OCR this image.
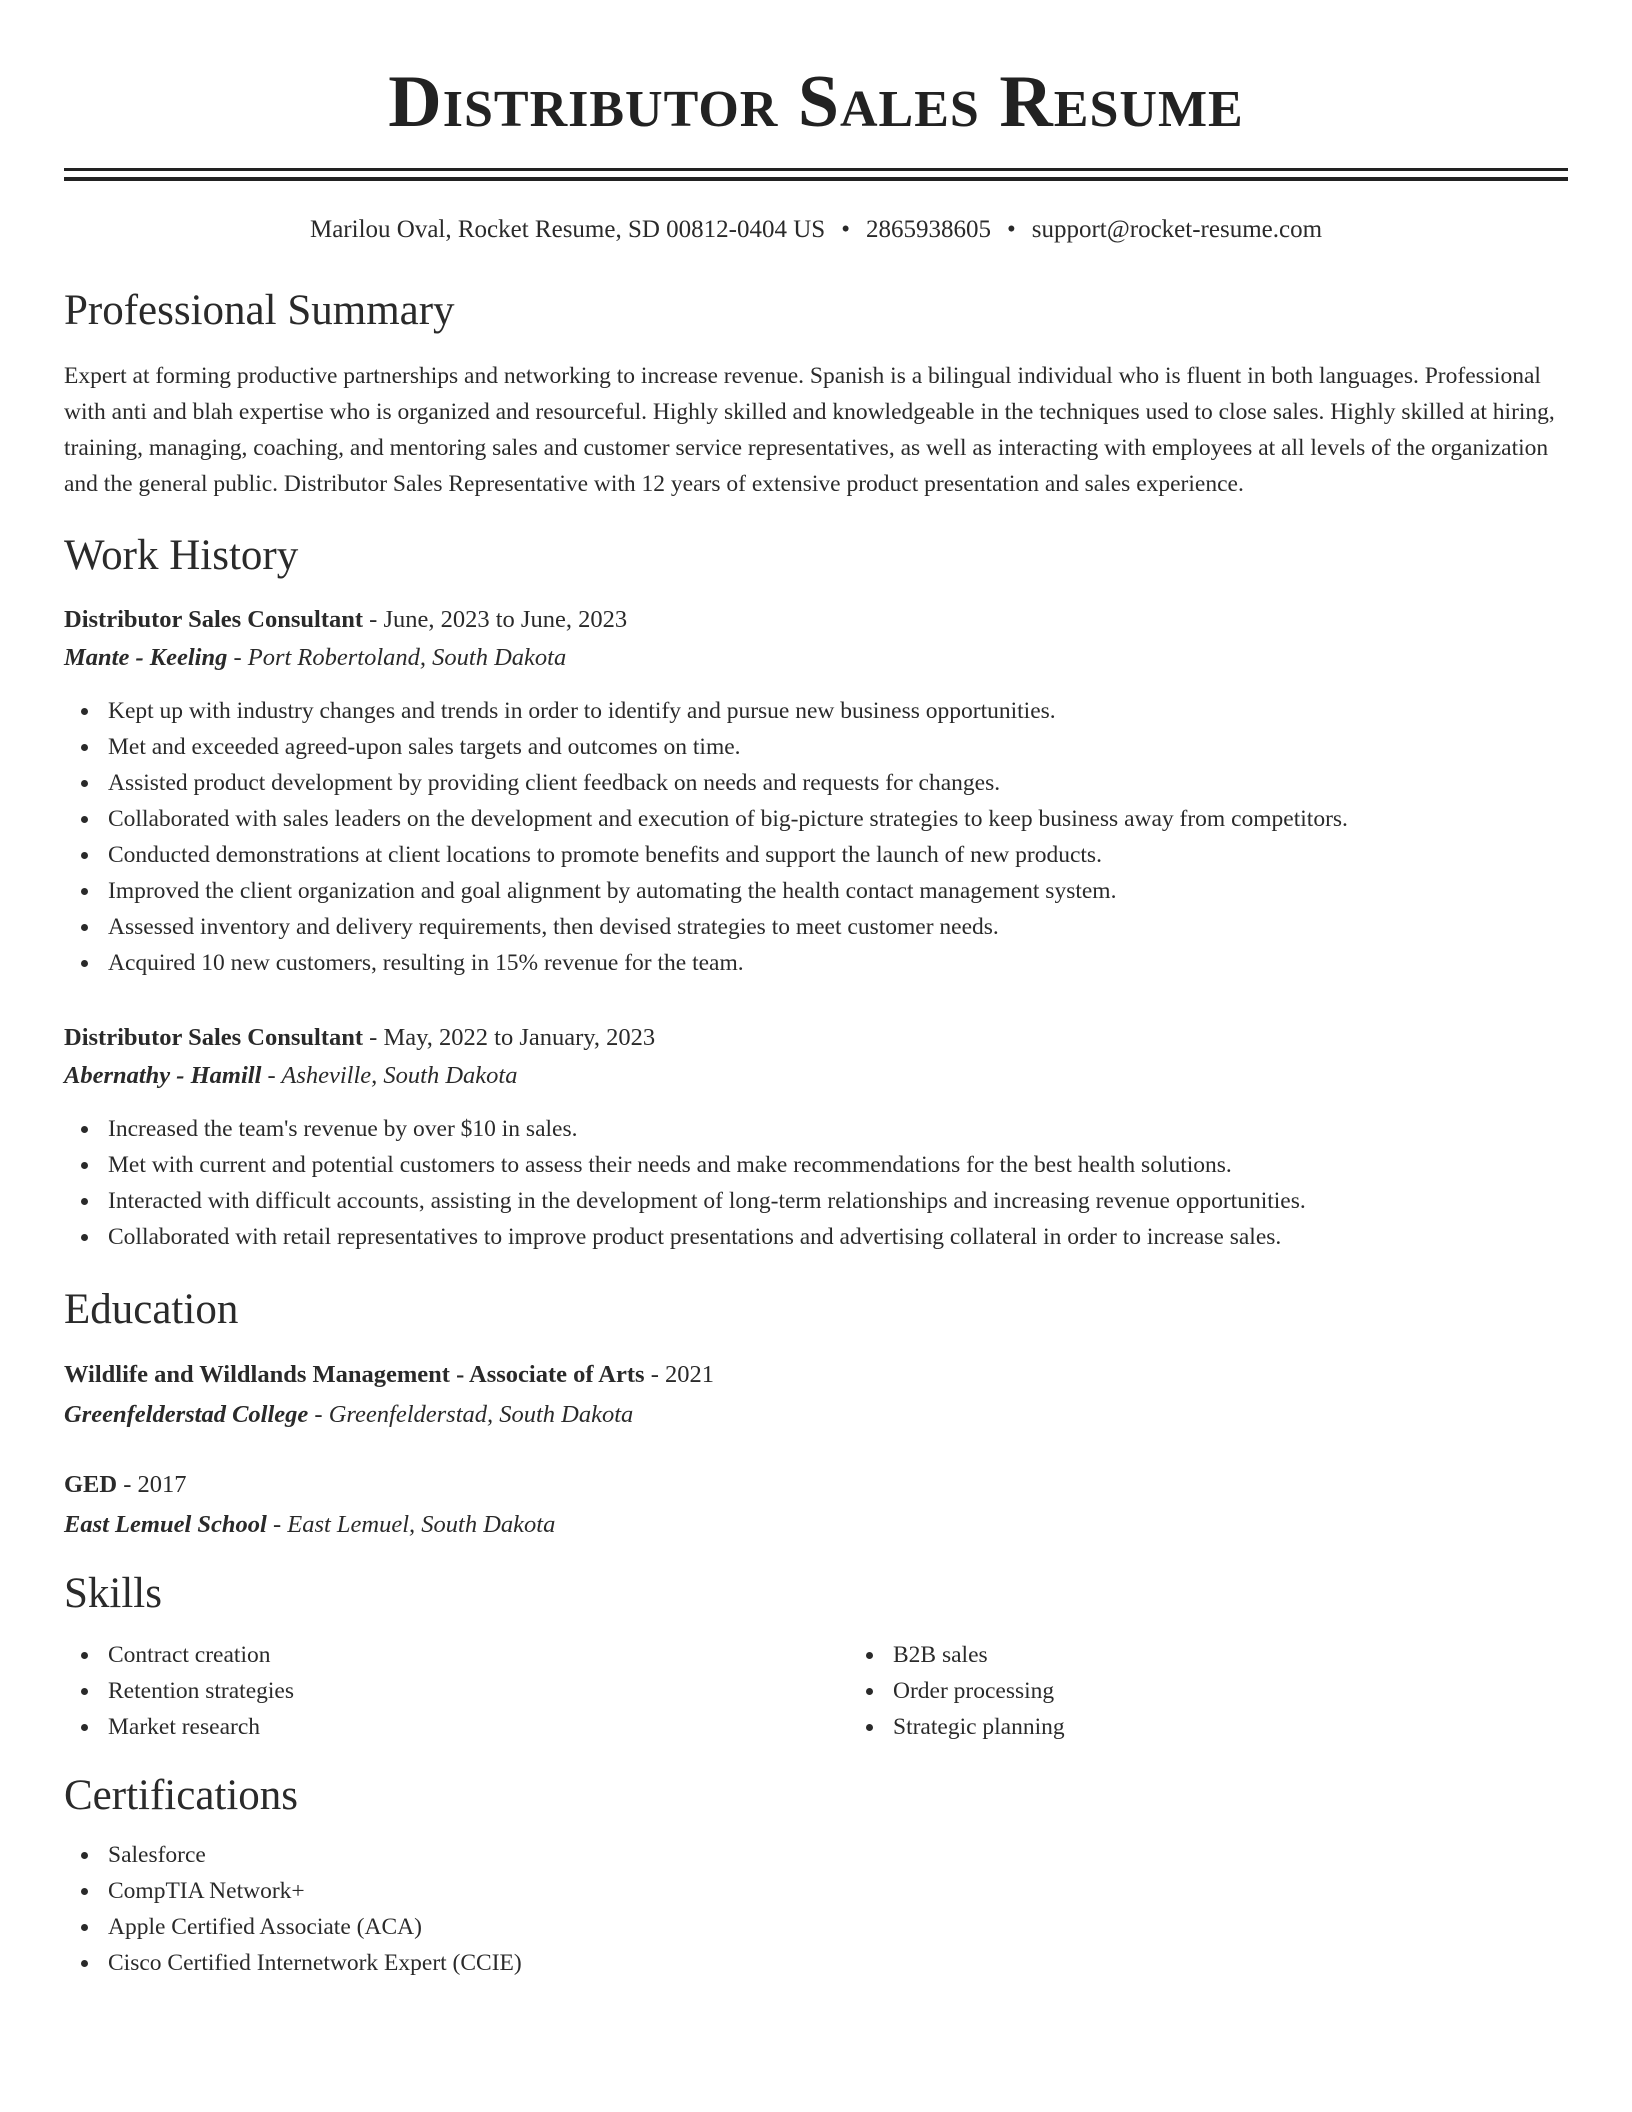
Distributor Sales Resume
Marilou Oval, Rocket Resume, SD 00812-0404 US • 2865938605 • support@rocket-resume.com
Professional Summary

Expert at forming productive partnerships and networking to increase revenue. Spanish is a bilingual individual who is fluent in both languages. Professional with anti and blah expertise who is organized and resourceful. Highly skilled and knowledgeable in the techniques used to close sales. Highly skilled at hiring, training, managing, coaching, and mentoring sales and customer service representatives, as well as interacting with employees at all levels of the organization and the general public. Distributor Sales Representative with 12 years of extensive product presentation and sales experience.

Work History
Distributor Sales Consultant - June, 2023 to June, 2023
Mante - Keeling - Port Robertoland, South Dakota
Kept up with industry changes and trends in order to identify and pursue new business opportunities.
Met and exceeded agreed-upon sales targets and outcomes on time.
Assisted product development by providing client feedback on needs and requests for changes.
Collaborated with sales leaders on the development and execution of big-picture strategies to keep business away from competitors.
Conducted demonstrations at client locations to promote benefits and support the launch of new products.
Improved the client organization and goal alignment by automating the health contact management system.
Assessed inventory and delivery requirements, then devised strategies to meet customer needs.
Acquired 10 new customers, resulting in 15% revenue for the team.
Distributor Sales Consultant - May, 2022 to January, 2023
Abernathy - Hamill - Asheville, South Dakota
Increased the team's revenue by over $10 in sales.
Met with current and potential customers to assess their needs and make recommendations for the best health solutions.
Interacted with difficult accounts, assisting in the development of long-term relationships and increasing revenue opportunities.
Collaborated with retail representatives to improve product presentations and advertising collateral in order to increase sales.
Education
Wildlife and Wildlands Management - Associate of Arts - 2021
Greenfelderstad College - Greenfelderstad, South Dakota
GED - 2017
East Lemuel School - East Lemuel, South Dakota
Skills
Contract creation
Retention strategies
Market research
B2B sales
Order processing
Strategic planning
Certifications
Salesforce
CompTIA Network+
Apple Certified Associate (ACA)
Cisco Certified Internetwork Expert (CCIE)
